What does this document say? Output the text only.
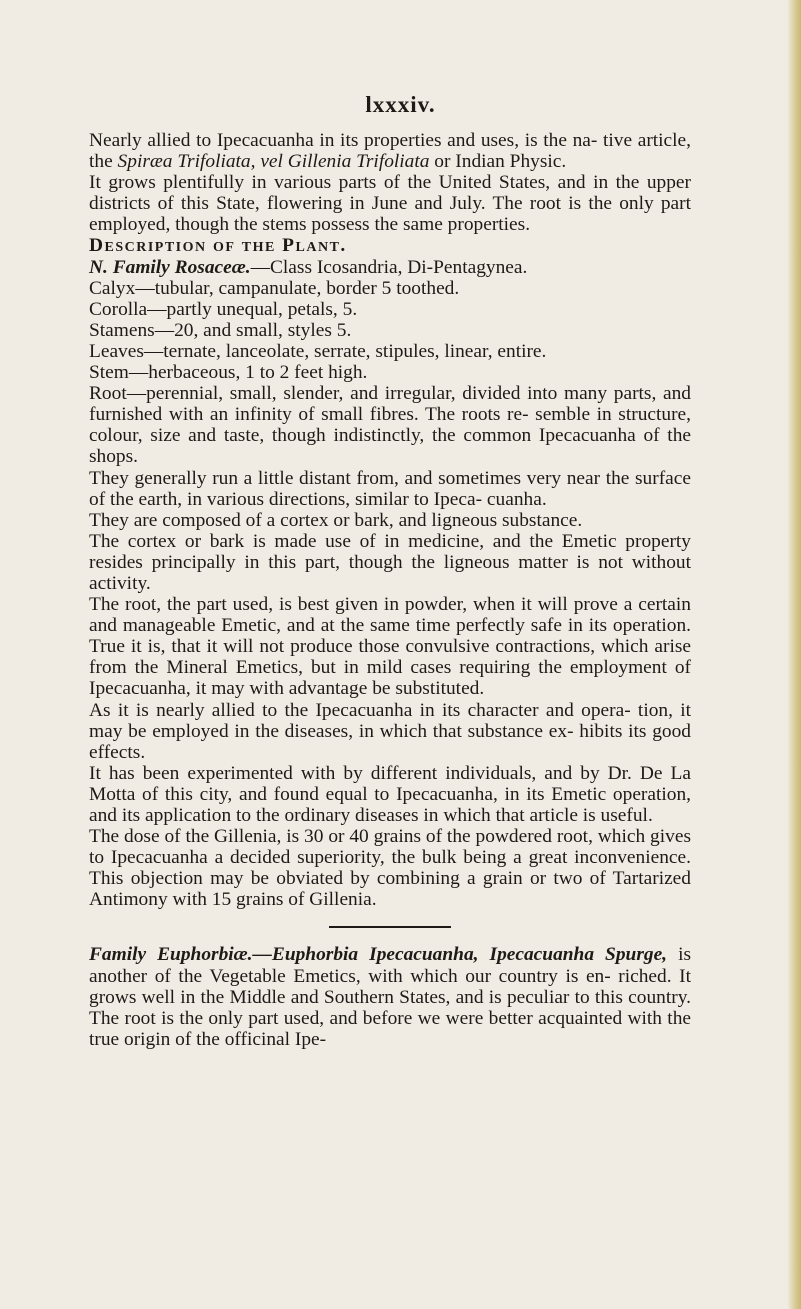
lxxxiv.

Nearly allied to Ipecacuanha in its properties and uses, is the na- tive article, the Spiræa Trifoliata, vel Gillenia Trifoliata or Indian Physic.

It grows plentifully in various parts of the United States, and in the upper districts of this State, flowering in June and July. The root is the only part employed, though the stems possess the same properties.

Description of the Plant.

N. Family Rosaceæ.—Class Icosandria, Di-Pentagynea.

Calyx—tubular, campanulate, border 5 toothed.

Corolla—partly unequal, petals, 5.

Stamens—20, and small, styles 5.

Leaves—ternate, lanceolate, serrate, stipules, linear, entire.

Stem—herbaceous, 1 to 2 feet high.

Root—perennial, small, slender, and irregular, divided into many parts, and furnished with an infinity of small fibres. The roots re- semble in structure, colour, size and taste, though indistinctly, the common Ipecacuanha of the shops.

They generally run a little distant from, and sometimes very near the surface of the earth, in various directions, similar to Ipeca- cuanha.

They are composed of a cortex or bark, and ligneous substance.

The cortex or bark is made use of in medicine, and the Emetic property resides principally in this part, though the ligneous matter is not without activity.

The root, the part used, is best given in powder, when it will prove a certain and manageable Emetic, and at the same time perfectly safe in its operation. True it is, that it will not produce those convulsive contractions, which arise from the Mineral Emetics, but in mild cases requiring the employment of Ipecacuanha, it may with advantage be substituted.

As it is nearly allied to the Ipecacuanha in its character and opera- tion, it may be employed in the diseases, in which that substance ex- hibits its good effects.

It has been experimented with by different individuals, and by Dr. De La Motta of this city, and found equal to Ipecacuanha, in its Emetic operation, and its application to the ordinary diseases in which that article is useful.

The dose of the Gillenia, is 30 or 40 grains of the powdered root, which gives to Ipecacuanha a decided superiority, the bulk being a great inconvenience. This objection may be obviated by combining a grain or two of Tartarized Antimony with 15 grains of Gillenia.

Family Euphorbiæ.—Euphorbia Ipecacuanha, Ipecacuanha Spurge, is another of the Vegetable Emetics, with which our country is en- riched. It grows well in the Middle and Southern States, and is peculiar to this country. The root is the only part used, and before we were better acquainted with the true origin of the officinal Ipe-
